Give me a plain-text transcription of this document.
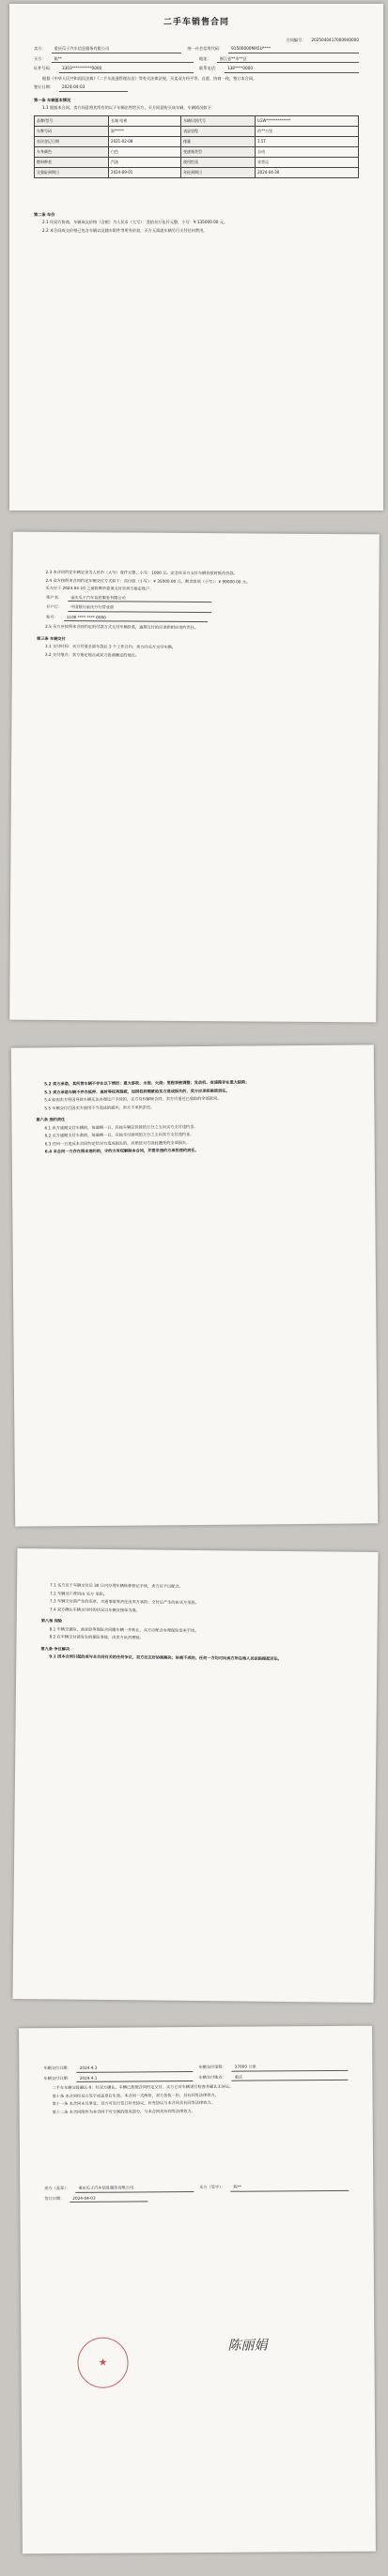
二手车销售合同
合同编号： 2025040417000940000
卖方：	重庆瓜子汽车信息服务有限公司	统一社会信用代码：	91500000MA5U****
买方：	陈**	地址：	浙江省**市**区
证件号码：	3303**********0000	联系电话：	138****0000
根据《中华人民共和国民法典》《二手车流通管理办法》等有关法律法规，买卖双方经平等、自愿、协商一致，签订本合同。
签订日期：	2024-04-03
第一条 车辆基本情况
1.1 根据本合同，卖方同意将其所有的以下车辆出售给买方，买方同意购买该车辆，车辆情况如下：
品牌/型号	长城 哈弗	车辆识别代号	LGW*************
车牌号码	浙*****	表显里程	约**公里
首次登记日期	2021-02-08	排量	1.5T
车身颜色	白色	变速箱类型	自动
燃料种类	汽油	使用性质	非营运
交强险到期日	2024-09-01	年检到期日	2024-04-30
第二条 车价
2.1 经双方协商，车辆成交价格（含税）为人民币（大写）：壹拾叁万伍仟元整，小写：¥ 135000.00 元。
2.2 本合同成交价格已包含车辆以及随车附件等所有价款，买方无需就车辆另行支付任何费用。
2.3 本合同约定车辆定金为人民币（大写）壹仟元整，小写：1000 元。定金在买方支付车辆价款时抵作价款。
2.4 双方按照本合同约定车辆交付方式如下：首付款（小写）：¥ 35000.00 元，剩余款项（小写）：¥ 99000.00 元。
买方应于 2024-04-10 之前将剩余款项支付至卖方指定账户：
账户名：	重庆瓜子汽车信息服务有限公司
开户行：	中国银行重庆分行营业部
账号：	1100 **** **** 0000
2.5 买方应按照本合同约定的付款方式支付车辆价款，逾期支付的应承担相应违约责任。
第三条 车辆交付
3.1 交付时间：买方付清全部车款后 3 个工作日内，卖方向买方交付车辆。
3.2 交付地点：卖方指定地点或双方协商确定的地点。
5.2 卖方承诺，其所售车辆不存在以下情形：重大事故、水泡、火烧；里程表被调整；发动机、变速箱存在重大缺陷；
5.3 卖方承诺车辆不存在抵押、查封等权利瑕疵，如因权利瑕疵给买方造成损失的，卖方应承担赔偿责任。
5.4 如因卖方原因导致车辆无法办理过户手续的，买方有权解除合同，卖方应退还已收取的全部款项。
5.5 车辆交付后因买方使用不当造成的损坏，卖方不承担责任。
第六条 违约责任
6.1 卖方逾期交付车辆的，每逾期一日，应按车辆总价款的万分之五向买方支付违约金。
6.2 买方逾期支付车款的，每逾期一日，应按未付款项的万分之五向卖方支付违约金。
6.3 任何一方违反本合同约定给对方造成损失的，应赔偿对方因此遭受的全部损失。
6.4 本合同一方存在根本违约的，守约方有权解除本合同，并要求违约方承担违约责任。
7.1 买方应于车辆交付后 30 日内办理车辆转移登记手续，卖方应予以配合。
7.2 车辆过户费用由 买方 承担。
7.3 车辆交付前产生的违章、交通事故等责任由卖方承担；交付后产生的由买方承担。
7.4 双方确认车辆交付时的状况以车辆交接单为准。
第八条 保险
8.1 车辆交强险、商业险等保险合同随车辆一并转让，买方应配合办理保险变更手续。
8.2 在车辆交付前发生的保险事故，由卖方负责理赔。
第九条 争议解决
9.1 因本合同引起的或与本合同有关的任何争议，双方应友好协商解决；协商不成的，任何一方均可向卖方所在地人民法院提起诉讼。
车辆交付日期：	2024.4.3	车辆交付里程：	37000 公里
车辆交付日期：	2024.4.1	车辆交付地点：	重庆
二手车车辆交接确认书：经双方确认，车辆已按照合同约定交付，买方已对车辆进行检查并确认无异议。
第十条 本合同经双方签字或盖章后生效。本合同一式两份，双方各执一份，具有同等法律效力。
第十一条 本合同未尽事宜，双方可另行签订补充协议，补充协议与本合同具有同等法律效力。
第十二条 本合同附件为本合同不可分割的组成部分，与本合同具有同等法律效力。
卖方（盖章）：	重庆瓜子汽车信息服务有限公司	买方（签字）：	陈**
签订日期：	2024-04-03
★
陈丽娟
